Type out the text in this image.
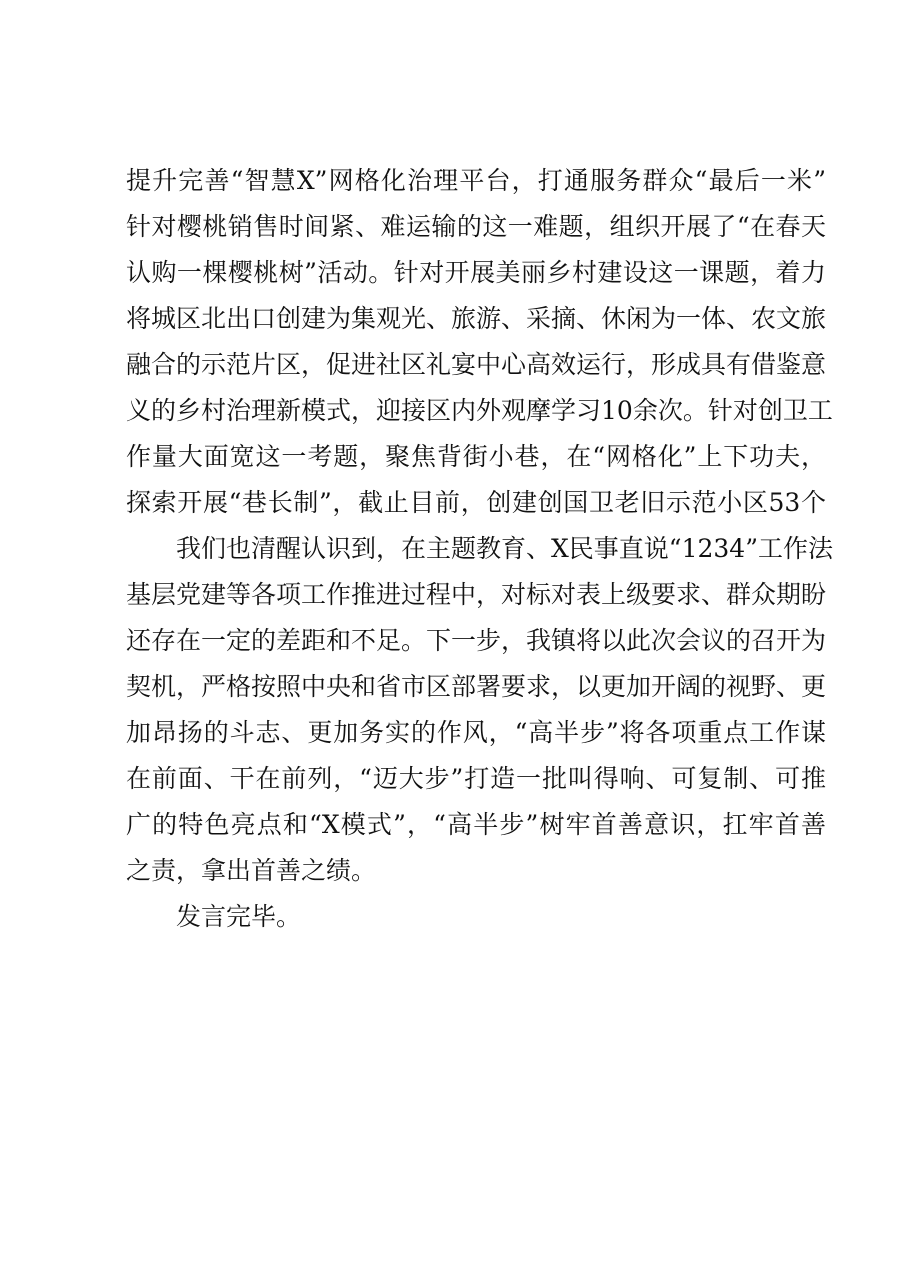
提升完善“智慧X”网格化治理平台，打通服务群众“最后一米”
针对樱桃销售时间紧、难运输的这一难题，组织开展了“在春天
认购一棵樱桃树”活动。针对开展美丽乡村建设这一课题，着力
将城区北出口创建为集观光、旅游、采摘、休闲为一体、农文旅
融合的示范片区，促进社区礼宴中心高效运行，形成具有借鉴意
义的乡村治理新模式，迎接区内外观摩学习10余次。针对创卫工
作量大面宽这一考题，聚焦背街小巷，在“网格化”上下功夫，
探索开展“巷长制”，截止目前，创建创国卫老旧示范小区53个
我们也清醒认识到，在主题教育、X民事直说“1234”工作法
基层党建等各项工作推进过程中，对标对表上级要求、群众期盼
还存在一定的差距和不足。下一步，我镇将以此次会议的召开为
契机，严格按照中央和省市区部署要求，以更加开阔的视野、更
加昂扬的斗志、更加务实的作风，“高半步”将各项重点工作谋
在前面、干在前列，“迈大步”打造一批叫得响、可复制、可推
广的特色亮点和“X模式”，“高半步”树牢首善意识，扛牢首善
之责，拿出首善之绩。
发言完毕。
